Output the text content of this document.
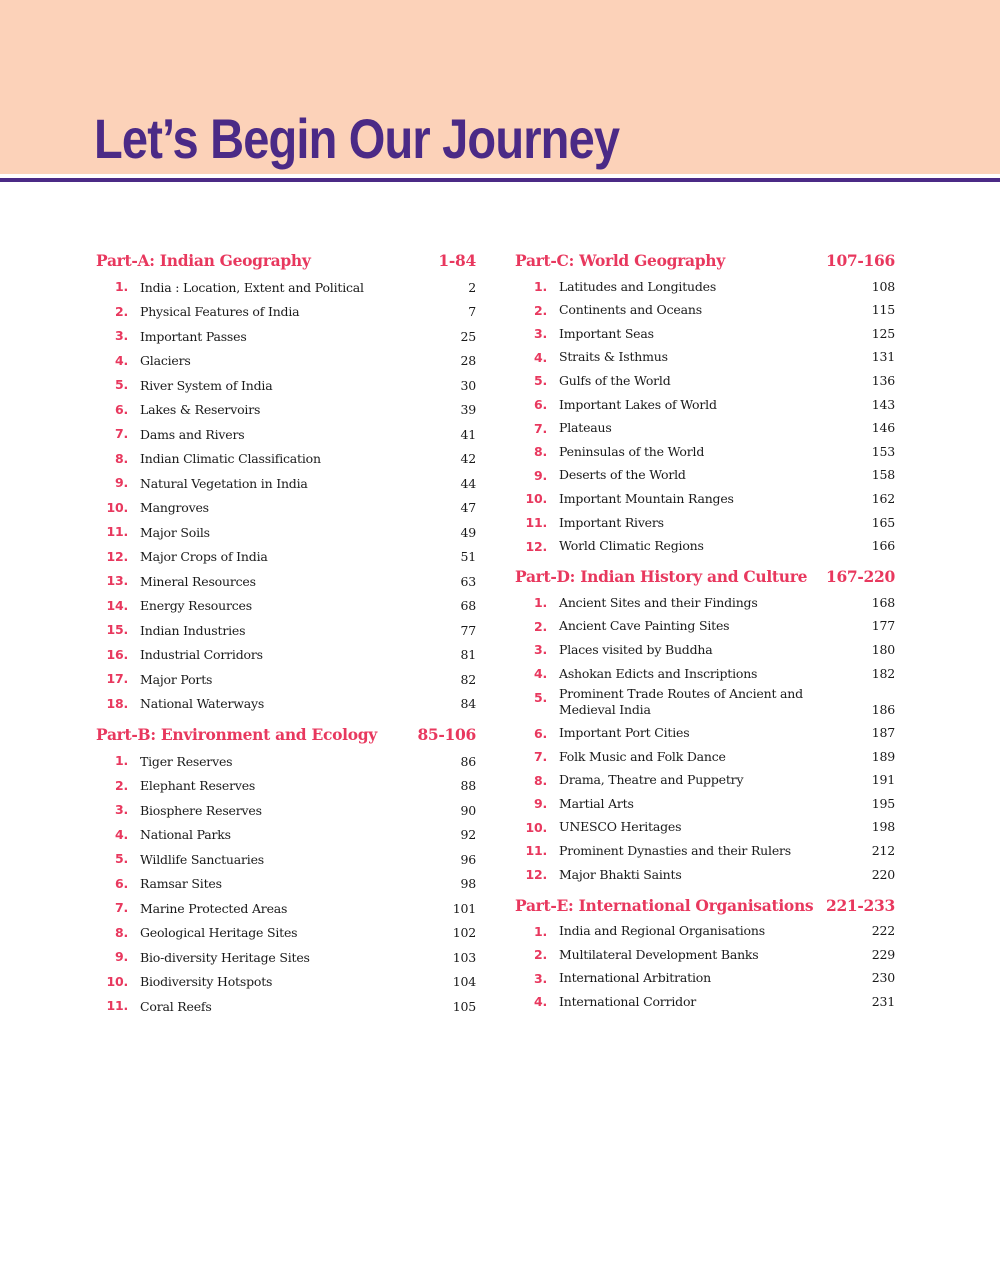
Let’s Begin Our Journey
Part-A: Indian Geography	1-84
1. India : Location, Extent and Political	2
2. Physical Features of India	7
3. Important Passes	25
4. Glaciers	28
5. River System of India	30
6. Lakes & Reservoirs	39
7. Dams and Rivers	41
8. Indian Climatic Classification	42
9. Natural Vegetation in India	44
10. Mangroves	47
11. Major Soils	49
12. Major Crops of India	51
13. Mineral Resources	63
14. Energy Resources	68
15. Indian Industries	77
16. Industrial Corridors	81
17. Major Ports	82
18. National Waterways	84
Part-B: Environment and Ecology	85-106
1. Tiger Reserves	86
2. Elephant Reserves	88
3. Biosphere Reserves	90
4. National Parks	92
5. Wildlife Sanctuaries	96
6. Ramsar Sites	98
7. Marine Protected Areas	101
8. Geological Heritage Sites	102
9. Bio-diversity Heritage Sites	103
10. Biodiversity Hotspots	104
11. Coral Reefs	105
Part-C: World Geography	107-166
1. Latitudes and Longitudes	108
2. Continents and Oceans	115
3. Important Seas	125
4. Straits & Isthmus	131
5. Gulfs of the World	136
6. Important Lakes of World	143
7. Plateaus	146
8. Peninsulas of the World	153
9. Deserts of the World	158
10. Important Mountain Ranges	162
11. Important Rivers	165
12. World Climatic Regions	166
Part-D: Indian History and Culture 167-220
1. Ancient Sites and their Findings	168
2. Ancient Cave Painting Sites	177
3. Places visited by Buddha	180
4. Ashokan Edicts and Inscriptions	182
5. Prominent Trade Routes of Ancient and Medieval India	186
6. Important Port Cities	187
7. Folk Music and Folk Dance	189
8. Drama, Theatre and Puppetry	191
9. Martial Arts	195
10. UNESCO Heritages	198
11. Prominent Dynasties and their Rulers	212
12. Major Bhakti Saints	220
Part-E: International Organisations 221-233
1. India and Regional Organisations	222
2. Multilateral Development Banks	229
3. International Arbitration	230
4. International Corridor	231
